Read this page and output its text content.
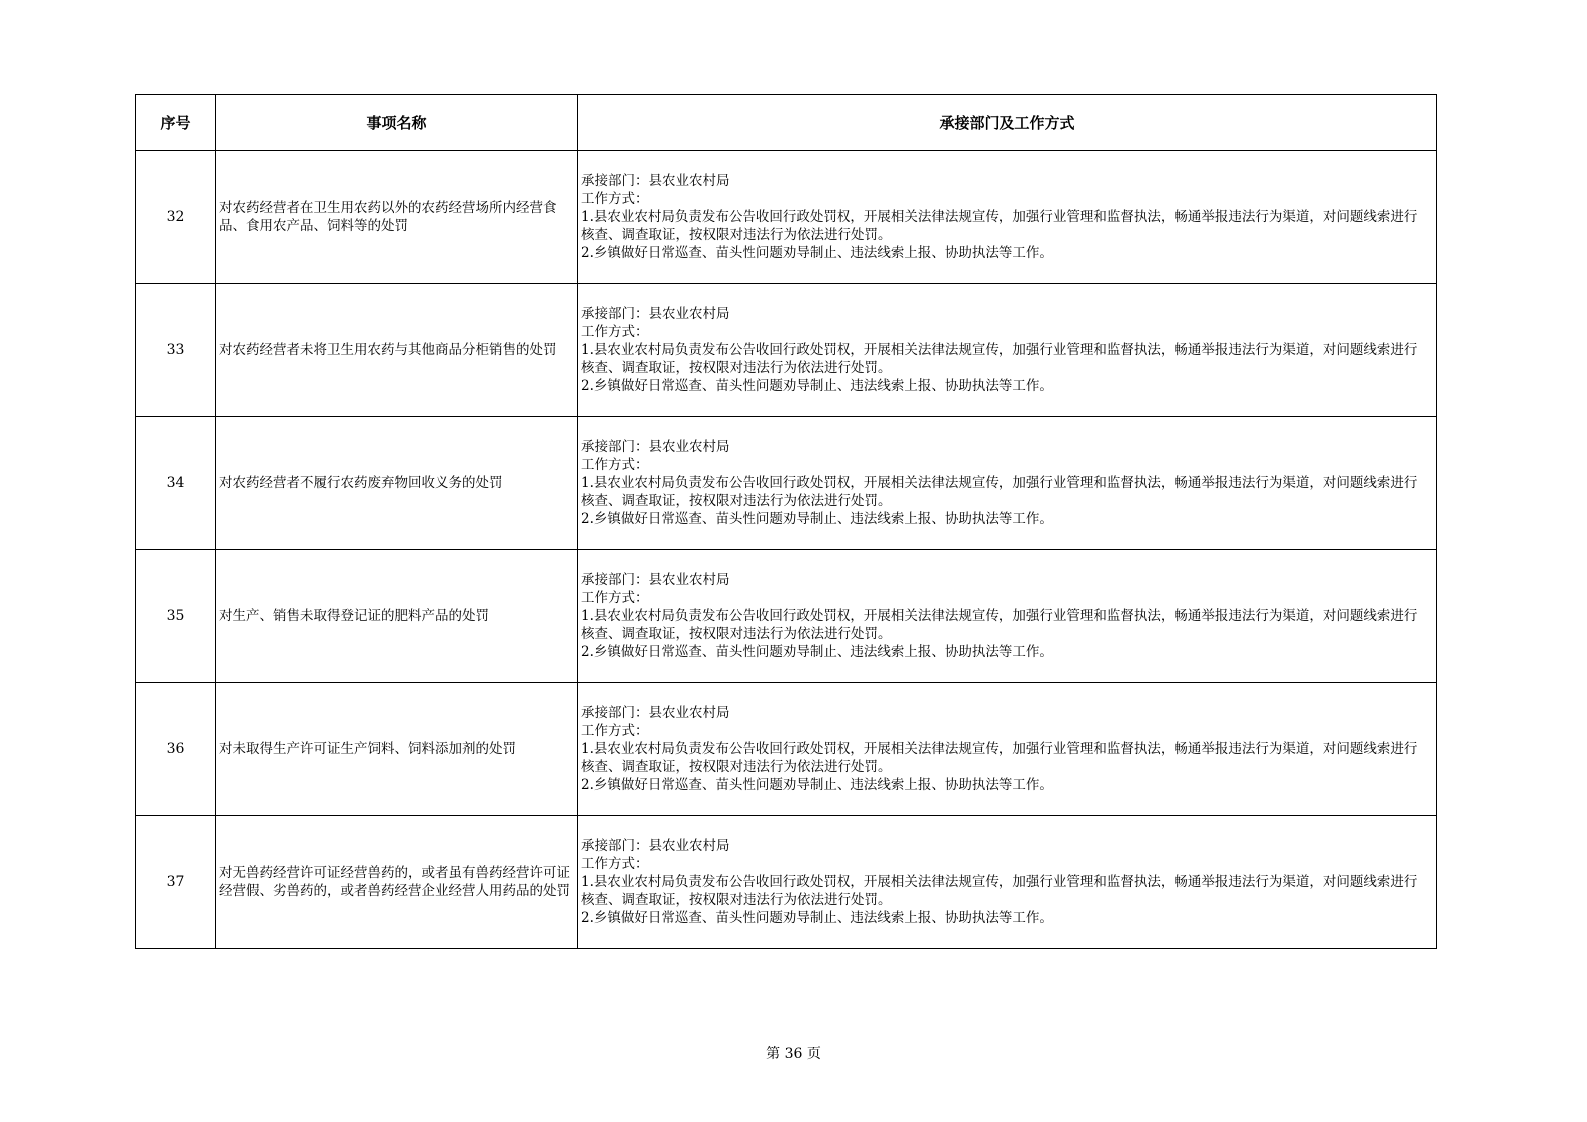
序号	事项名称	承接部门及工作方式
32	对农药经营者在卫生用农药以外的农药经营场所内经营食品、食用农产品、饲料等的处罚	承接部门：县农业农村局
工作方式：
1.县农业农村局负责发布公告收回行政处罚权，开展相关法律法规宣传，加强行业管理和监督执法，畅通举报违法行为渠道，对问题线索进行核查、调查取证，按权限对违法行为依法进行处罚。
2.乡镇做好日常巡查、苗头性问题劝导制止、违法线索上报、协助执法等工作。

33	对农药经营者未将卫生用农药与其他商品分柜销售的处罚	承接部门：县农业农村局
工作方式：
1.县农业农村局负责发布公告收回行政处罚权，开展相关法律法规宣传，加强行业管理和监督执法，畅通举报违法行为渠道，对问题线索进行核查、调查取证，按权限对违法行为依法进行处罚。
2.乡镇做好日常巡查、苗头性问题劝导制止、违法线索上报、协助执法等工作。

34	对农药经营者不履行农药废弃物回收义务的处罚	承接部门：县农业农村局
工作方式：
1.县农业农村局负责发布公告收回行政处罚权，开展相关法律法规宣传，加强行业管理和监督执法，畅通举报违法行为渠道，对问题线索进行核查、调查取证，按权限对违法行为依法进行处罚。
2.乡镇做好日常巡查、苗头性问题劝导制止、违法线索上报、协助执法等工作。

35	对生产、销售未取得登记证的肥料产品的处罚	承接部门：县农业农村局
工作方式：
1.县农业农村局负责发布公告收回行政处罚权，开展相关法律法规宣传，加强行业管理和监督执法，畅通举报违法行为渠道，对问题线索进行核查、调查取证，按权限对违法行为依法进行处罚。
2.乡镇做好日常巡查、苗头性问题劝导制止、违法线索上报、协助执法等工作。

36	对未取得生产许可证生产饲料、饲料添加剂的处罚	承接部门：县农业农村局
工作方式：
1.县农业农村局负责发布公告收回行政处罚权，开展相关法律法规宣传，加强行业管理和监督执法，畅通举报违法行为渠道，对问题线索进行核查、调查取证，按权限对违法行为依法进行处罚。
2.乡镇做好日常巡查、苗头性问题劝导制止、违法线索上报、协助执法等工作。

37	对无兽药经营许可证经营兽药的，或者虽有兽药经营许可证经营假、劣兽药的，或者兽药经营企业经营人用药品的处罚	承接部门：县农业农村局
工作方式：
1.县农业农村局负责发布公告收回行政处罚权，开展相关法律法规宣传，加强行业管理和监督执法，畅通举报违法行为渠道，对问题线索进行核查、调查取证，按权限对违法行为依法进行处罚。
2.乡镇做好日常巡查、苗头性问题劝导制止、违法线索上报、协助执法等工作。
第 36 页
